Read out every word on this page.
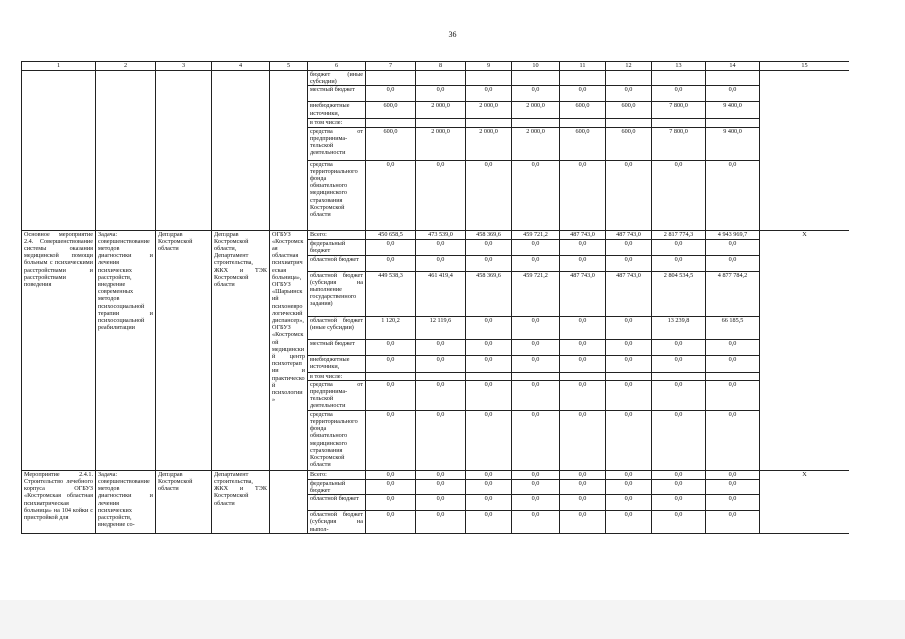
36
1	2	3	4	5	6	7	8	9	10	11	12	13	14	15
					бюджет (иные субсидии)									
					местный бюджет	0,0	0,0	0,0	0,0	0,0	0,0	0,0	0,0	
					внебюджетные источники,	600,0	2 000,0	2 000,0	2 000,0	600,0	600,0	7 800,0	9 400,0	
					в том числе:									
					средства от предпринима-тельской деятельности	600,0	2 000,0	2 000,0	2 000,0	600,0	600,0	7 800,0	9 400,0	
					средства территориального фонда обязательного медицинского страхования Костромской области	0,0	0,0	0,0	0,0	0,0	0,0	0,0	0,0	
Основное мероприятие 2.4. Совершенствование системы оказания медицинской помощи больным с психическими расстройствами и расстройствами поведения	Задача: совершенствование методов диагностики и лечения психических расстройств, внедрение современных методов психосоциальной терапии и психосоциальной реабилитации	Депздрав Костромской области	Депздрав Костромской области, Департамент строительства, ЖКХ и ТЭК Костромской области	ОГБУЗ «Костромская областная психиатрическая больница», ОГБУЗ «Шарьинский психоневрологический диспансер», ОГБУЗ «Костромской медицинский центр психотерапии и практической психологии»	Всего:	450 658,5	473 539,0	458 369,6	459 721,2	487 743,0	487 743,0	2 817 774,3	4 943 969,7	Х
					федеральный бюджет	0,0	0,0	0,0	0,0	0,0	0,0	0,0	0,0	
					областной бюджет	0,0	0,0	0,0	0,0	0,0	0,0	0,0	0,0	
					областной бюджет (субсидия на выполнение государственного задания)	449 538,3	461 419,4	458 369,6	459 721,2	487 743,0	487 743,0	2 804 534,5	4 877 784,2	
					областной бюджет (иные субсидии)	1 120,2	12 119,6	0,0	0,0	0,0	0,0	13 239,8	66 185,5	
					местный бюджет	0,0	0,0	0,0	0,0	0,0	0,0	0,0	0,0	
					внебюджетные источники,	0,0	0,0	0,0	0,0	0,0	0,0	0,0	0,0	
					в том числе:									
					средства от предпринима-тельской деятельности	0,0	0,0	0,0	0,0	0,0	0,0	0,0	0,0	
					средства территориального фонда обязательного медицинского страхования Костромской области	0,0	0,0	0,0	0,0	0,0	0,0	0,0	0,0	
Мероприятие 2.4.1. Строительство лечебного корпуса ОГБУЗ «Костромская областная психиатрическая больница» на 104 койки с пристройкой для	Задача: совершенствование методов диагностики и лечения психических расстройств, внедрение со-	Депздрав Костромской области	Департамент строительства, ЖКХ и ТЭК Костромской области		Всего:	0,0	0,0	0,0	0,0	0,0	0,0	0,0	0,0	Х
					федеральный бюджет	0,0	0,0	0,0	0,0	0,0	0,0	0,0	0,0	
					областной бюджет	0,0	0,0	0,0	0,0	0,0	0,0	0,0	0,0	
					областной бюджет (субсидия на выпол-	0,0	0,0	0,0	0,0	0,0	0,0	0,0	0,0	
